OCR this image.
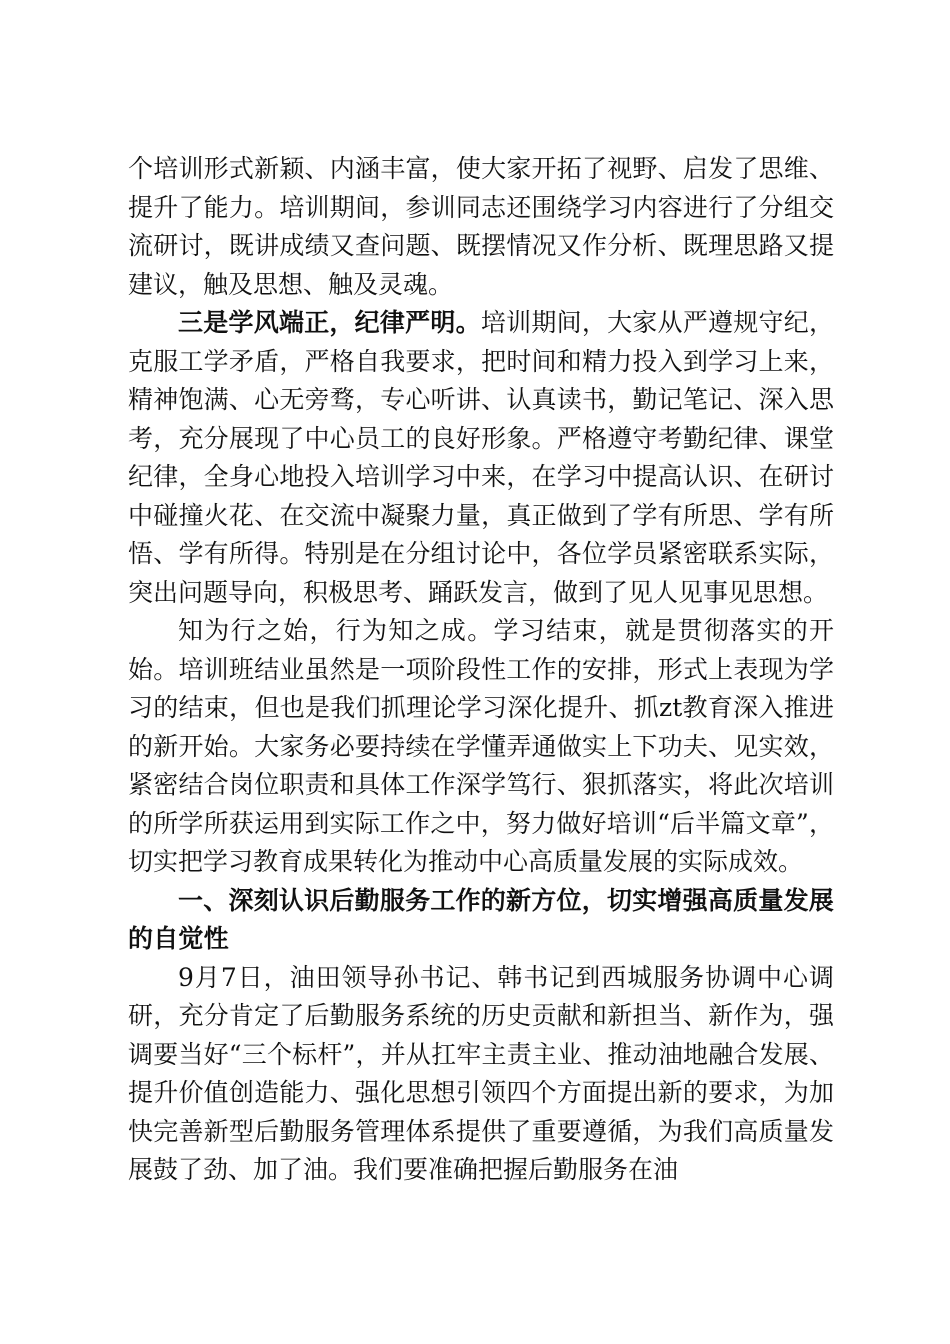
个培训形式新颖、内涵丰富，使大家开拓了视野、启发了思维、提升了能力。培训期间，参训同志还围绕学习内容进行了分组交流研讨，既讲成绩又查问题、既摆情况又作分析、既理思路又提建议，触及思想、触及灵魂。

三是学风端正，纪律严明。培训期间，大家从严遵规守纪，克服工学矛盾，严格自我要求，把时间和精力投入到学习上来，精神饱满、心无旁骛，专心听讲、认真读书，勤记笔记、深入思考，充分展现了中心员工的良好形象。严格遵守考勤纪律、课堂纪律，全身心地投入培训学习中来，在学习中提高认识、在研讨中碰撞火花、在交流中凝聚力量，真正做到了学有所思、学有所悟、学有所得。特别是在分组讨论中，各位学员紧密联系实际，突出问题导向，积极思考、踊跃发言，做到了见人见事见思想。

知为行之始，行为知之成。学习结束，就是贯彻落实的开始。培训班结业虽然是一项阶段性工作的安排，形式上表现为学习的结束，但也是我们抓理论学习深化提升、抓zt教育深入推进的新开始。大家务必要持续在学懂弄通做实上下功夫、见实效，紧密结合岗位职责和具体工作深学笃行、狠抓落实，将此次培训的所学所获运用到实际工作之中，努力做好培训“后半篇文章”，切实把学习教育成果转化为推动中心高质量发展的实际成效。

一、深刻认识后勤服务工作的新方位，切实增强高质量发展的自觉性

9月7日，油田领导孙书记、韩书记到西城服务协调中心调研，充分肯定了后勤服务系统的历史贡献和新担当、新作为，强调要当好“三个标杆”，并从扛牢主责主业、推动油地融合发展、提升价值创造能力、强化思想引领四个方面提出新的要求，为加快完善新型后勤服务管理体系提供了重要遵循，为我们高质量发展鼓了劲、加了油。我们要准确把握后勤服务在油
